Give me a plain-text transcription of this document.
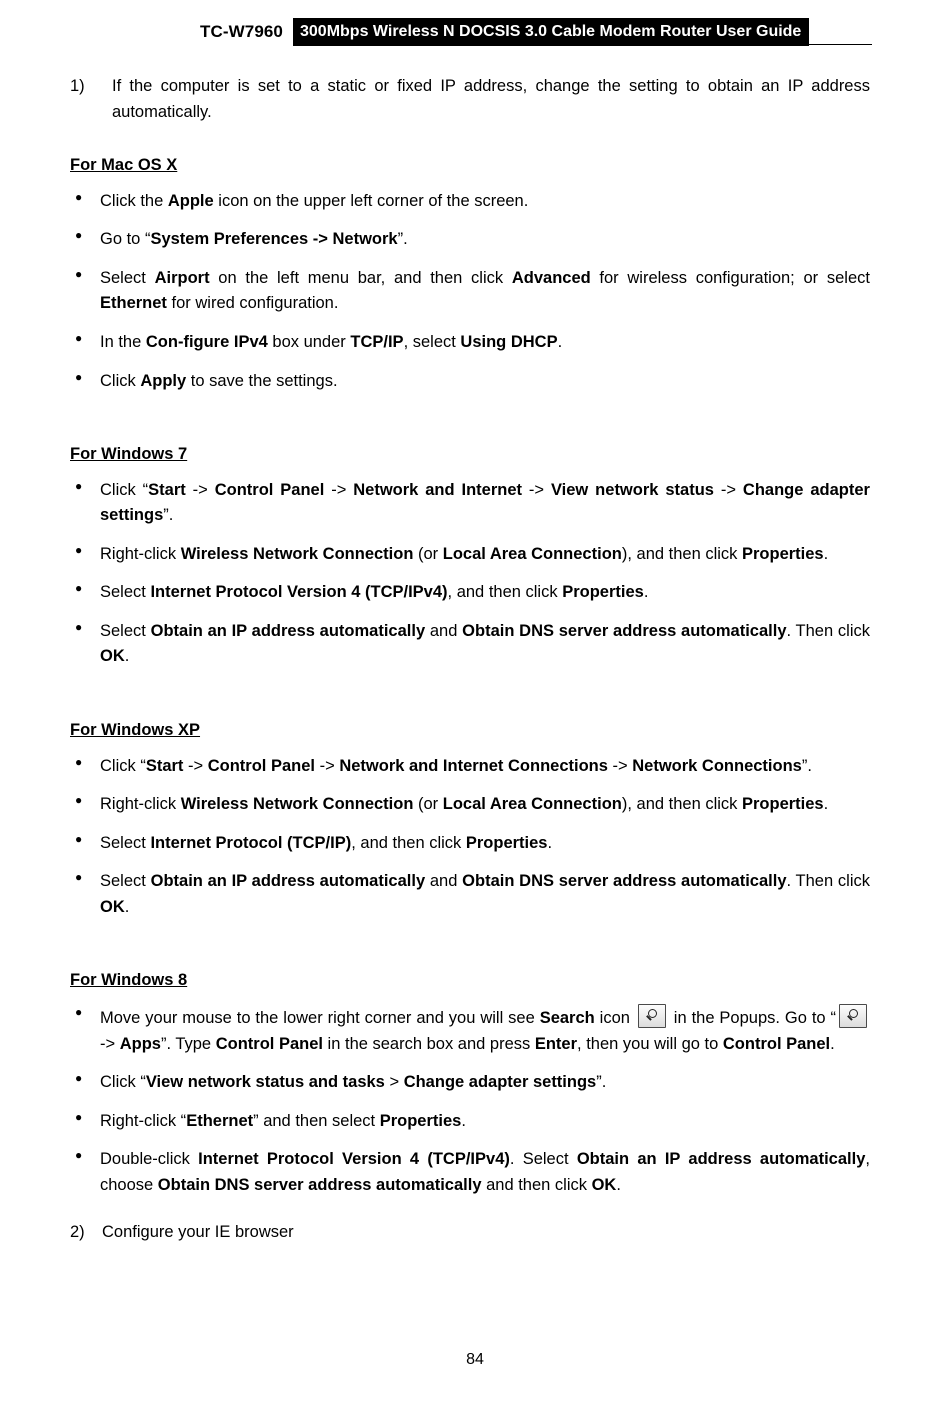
TC-W7960	300Mbps Wireless N DOCSIS 3.0 Cable Modem Router User Guide
1)	If the computer is set to a static or fixed IP address, change the setting to obtain an IP address automatically.
For Mac OS X
● Click the Apple icon on the upper left corner of the screen.
● Go to “System Preferences -> Network”.
● Select Airport on the left menu bar, and then click Advanced for wireless configuration; or select Ethernet for wired configuration.
● In the Con-figure IPv4 box under TCP/IP, select Using DHCP.
● Click Apply to save the settings.
For Windows 7
● Click “Start -> Control Panel -> Network and Internet -> View network status -> Change adapter settings”.
● Right-click Wireless Network Connection (or Local Area Connection), and then click Properties.
● Select Internet Protocol Version 4 (TCP/IPv4), and then click Properties.
● Select Obtain an IP address automatically and Obtain DNS server address automatically. Then click OK.
For Windows XP
● Click “Start -> Control Panel -> Network and Internet Connections -> Network Connections”.
● Right-click Wireless Network Connection (or Local Area Connection), and then click Properties.
● Select Internet Protocol (TCP/IP), and then click Properties.
● Select Obtain an IP address automatically and Obtain DNS server address automatically. Then click OK.
For Windows 8
● Move your mouse to the lower right corner and you will see Search icon  in the Popups. Go to “ -> Apps”. Type Control Panel in the search box and press Enter, then you will go to Control Panel.
● Click “View network status and tasks > Change adapter settings”.
● Right-click “Ethernet” and then select Properties.
● Double-click Internet Protocol Version 4 (TCP/IPv4). Select Obtain an IP address automatically, choose Obtain DNS server address automatically and then click OK.
2)	Configure your IE browser
84
